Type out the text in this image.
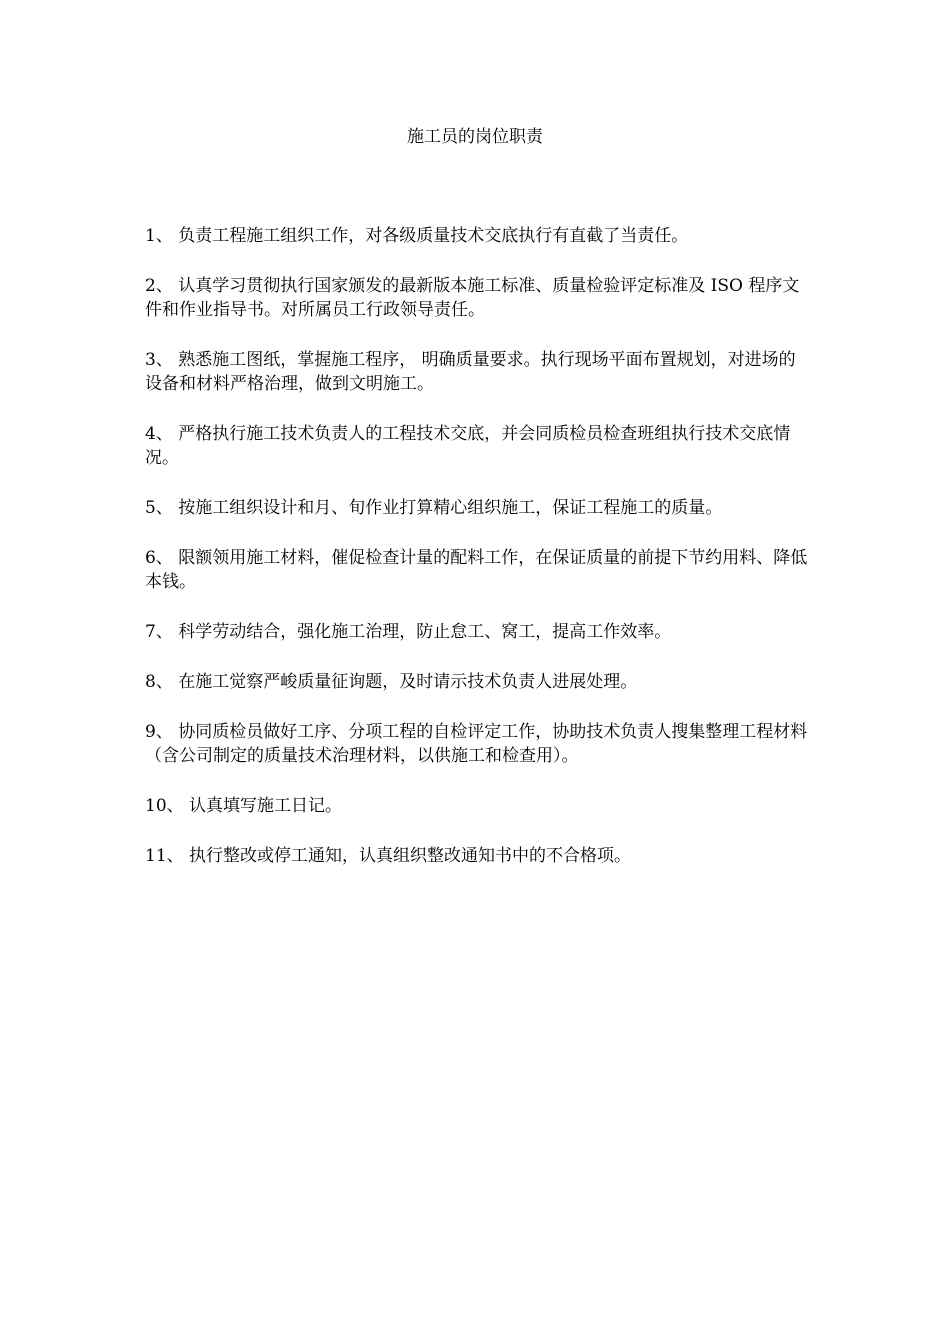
施工员的岗位职责
1、 负责工程施工组织工作，对各级质量技术交底执行有直截了当责任。
2、 认真学习贯彻执行国家颁发的最新版本施工标准、质量检验评定标准及 ISO 程序文件和作业指导书。对所属员工行政领导责任。
3、 熟悉施工图纸，掌握施工程序， 明确质量要求。执行现场平面布置规划，对进场的设备和材料严格治理，做到文明施工。
4、 严格执行施工技术负责人的工程技术交底，并会同质检员检查班组执行技术交底情况。
5、 按施工组织设计和月、旬作业打算精心组织施工，保证工程施工的质量。
6、 限额领用施工材料，催促检查计量的配料工作，在保证质量的前提下节约用料、降低本钱。
7、 科学劳动结合，强化施工治理，防止怠工、窝工，提高工作效率。
8、 在施工觉察严峻质量征询题，及时请示技术负责人进展处理。
9、 协同质检员做好工序、分项工程的自检评定工作，协助技术负责人搜集整理工程材料（含公司制定的质量技术治理材料，以供施工和检查用）。
10、 认真填写施工日记。
11、 执行整改或停工通知，认真组织整改通知书中的不合格项。
